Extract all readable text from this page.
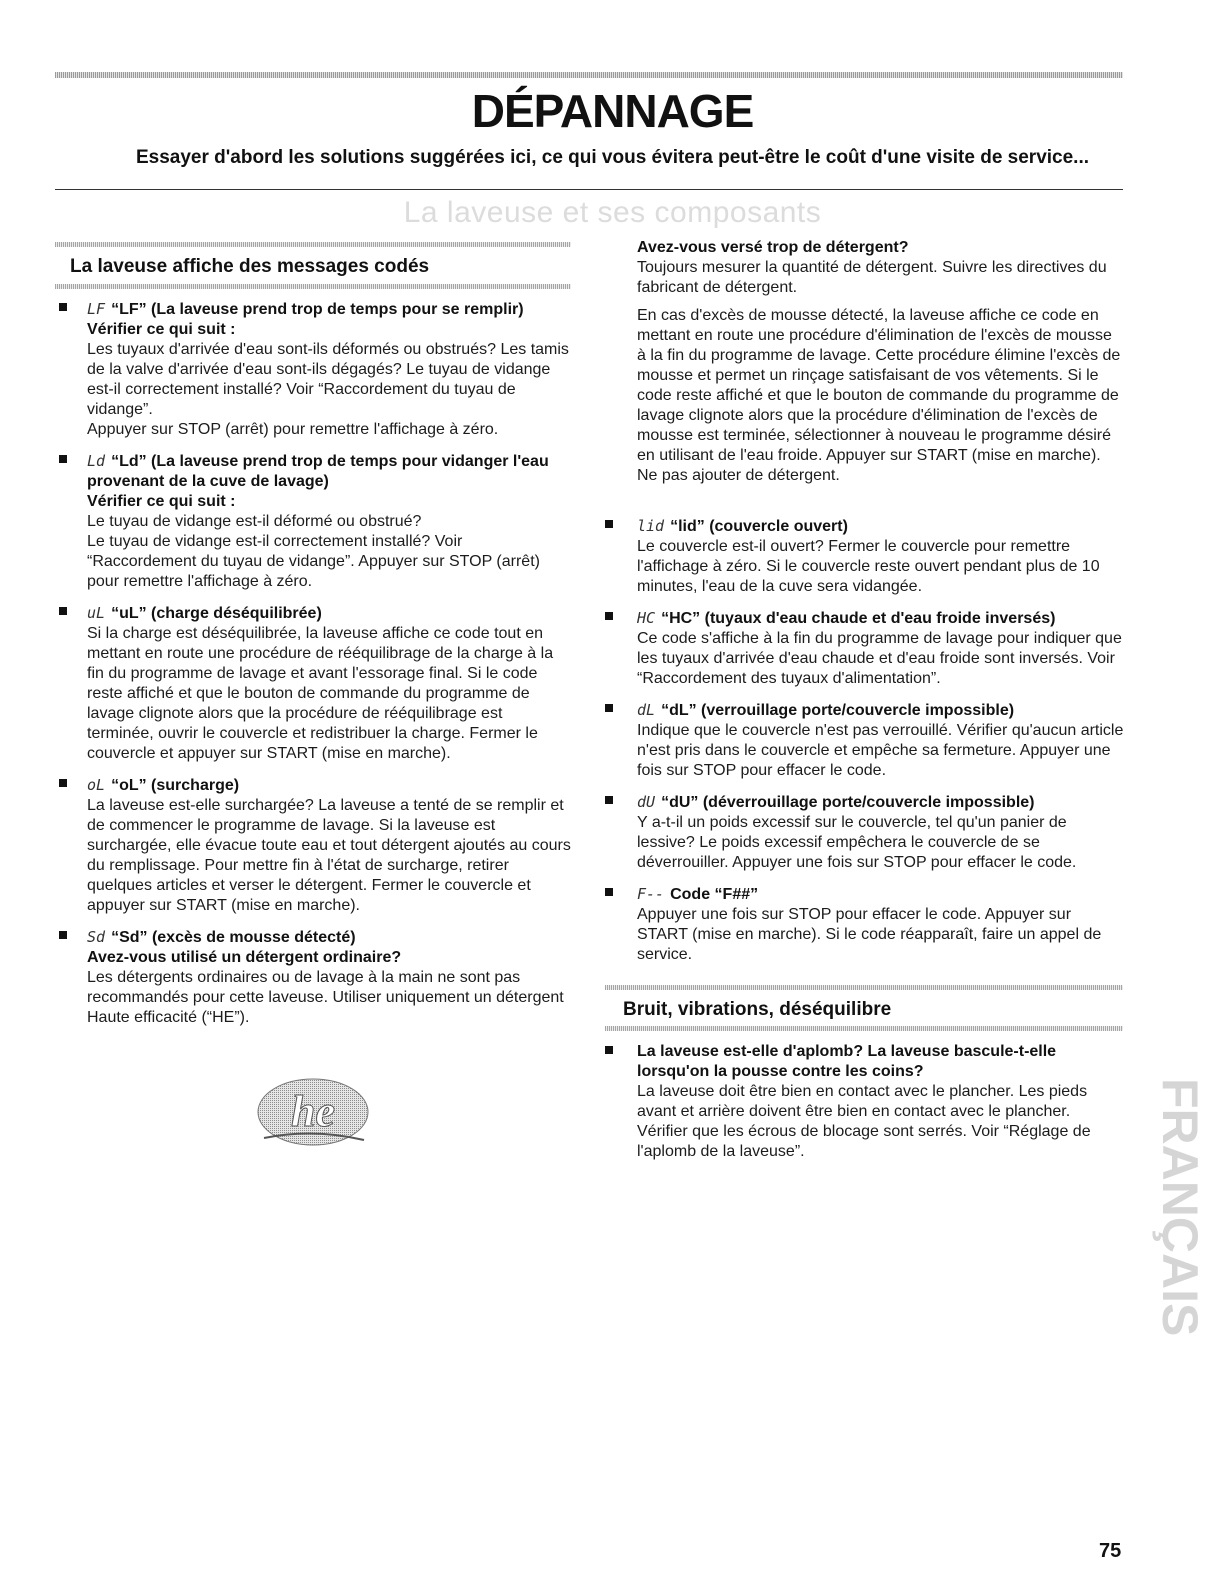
DÉPANNAGE
Essayer d'abord les solutions suggérées ici, ce qui vous évitera peut-être le coût d'une visite de service...
La laveuse et ses composants
La laveuse affiche des messages codés

LF “LF” (La laveuse prend trop de temps pour se remplir)

Vérifier ce qui suit :

Les tuyaux d'arrivée d'eau sont-ils déformés ou obstrués? Les tamis de la valve d'arrivée d'eau sont-ils dégagés? Le tuyau de vidange est-il correctement installé? Voir “Raccordement du tuyau de vidange”.

Appuyer sur STOP (arrêt) pour remettre l'affichage à zéro.

Ld “Ld” (La laveuse prend trop de temps pour vidanger l'eau provenant de la cuve de lavage)

Vérifier ce qui suit :

Le tuyau de vidange est-il déformé ou obstrué?

Le tuyau de vidange est-il correctement installé? Voir “Raccordement du tuyau de vidange”. Appuyer sur STOP (arrêt) pour remettre l'affichage à zéro.

uL “uL” (charge déséquilibrée)

Si la charge est déséquilibrée, la laveuse affiche ce code tout en mettant en route une procédure de rééquilibrage de la charge à la fin du programme de lavage et avant l'essorage final. Si le code reste affiché et que le bouton de commande du programme de lavage clignote alors que la procédure de rééquilibrage est terminée, ouvrir le couvercle et redistribuer la charge. Fermer le couvercle et appuyer sur START (mise en marche).

oL “oL” (surcharge)

La laveuse est-elle surchargée? La laveuse a tenté de se remplir et de commencer le programme de lavage. Si la laveuse est surchargée, elle évacue toute eau et tout détergent ajoutés au cours du remplissage. Pour mettre fin à l'état de surcharge, retirer quelques articles et verser le détergent. Fermer le couvercle et appuyer sur START (mise en marche).

Sd “Sd” (excès de mousse détecté)

Avez-vous utilisé un détergent ordinaire?

Les détergents ordinaires ou de lavage à la main ne sont pas recommandés pour cette laveuse. Utiliser uniquement un détergent Haute efficacité (“HE”).

he

Avez-vous versé trop de détergent?

Toujours mesurer la quantité de détergent. Suivre les directives du fabricant de détergent.

En cas d'excès de mousse détecté, la laveuse affiche ce code en mettant en route une procédure d'élimination de l'excès de mousse à la fin du programme de lavage. Cette procédure élimine l'excès de mousse et permet un rinçage satisfaisant de vos vêtements. Si le code reste affiché et que le bouton de commande du programme de lavage clignote alors que la procédure d'élimination de l'excès de mousse est terminée, sélectionner à nouveau le programme désiré en utilisant de l'eau froide. Appuyer sur START (mise en marche). Ne pas ajouter de détergent.

lid “lid” (couvercle ouvert)

Le couvercle est-il ouvert? Fermer le couvercle pour remettre l'affichage à zéro. Si le couvercle reste ouvert pendant plus de 10 minutes, l'eau de la cuve sera vidangée.

HC “HC” (tuyaux d'eau chaude et d'eau froide inversés)

Ce code s'affiche à la fin du programme de lavage pour indiquer que les tuyaux d'arrivée d'eau chaude et d'eau froide sont inversés. Voir “Raccordement des tuyaux d'alimentation”.

dL “dL” (verrouillage porte/couvercle impossible)

Indique que le couvercle n'est pas verrouillé. Vérifier qu'aucun article n'est pris dans le couvercle et empêche sa fermeture. Appuyer une fois sur STOP pour effacer le code.

dU “dU” (déverrouillage porte/couvercle impossible)

Y a-t-il un poids excessif sur le couvercle, tel qu'un panier de lessive? Le poids excessif empêchera le couvercle de se déverrouiller. Appuyer une fois sur STOP pour effacer le code.

F-- Code “F##”

Appuyer une fois sur STOP pour effacer le code. Appuyer sur START (mise en marche). Si le code réapparaît, faire un appel de service.

Bruit, vibrations, déséquilibre

La laveuse est-elle d'aplomb? La laveuse bascule-t-elle lorsqu'on la pousse contre les coins?

La laveuse doit être bien en contact avec le plancher. Les pieds avant et arrière doivent être bien en contact avec le plancher. Vérifier que les écrous de blocage sont serrés. Voir “Réglage de l'aplomb de la laveuse”.	FRANÇAIS
75
